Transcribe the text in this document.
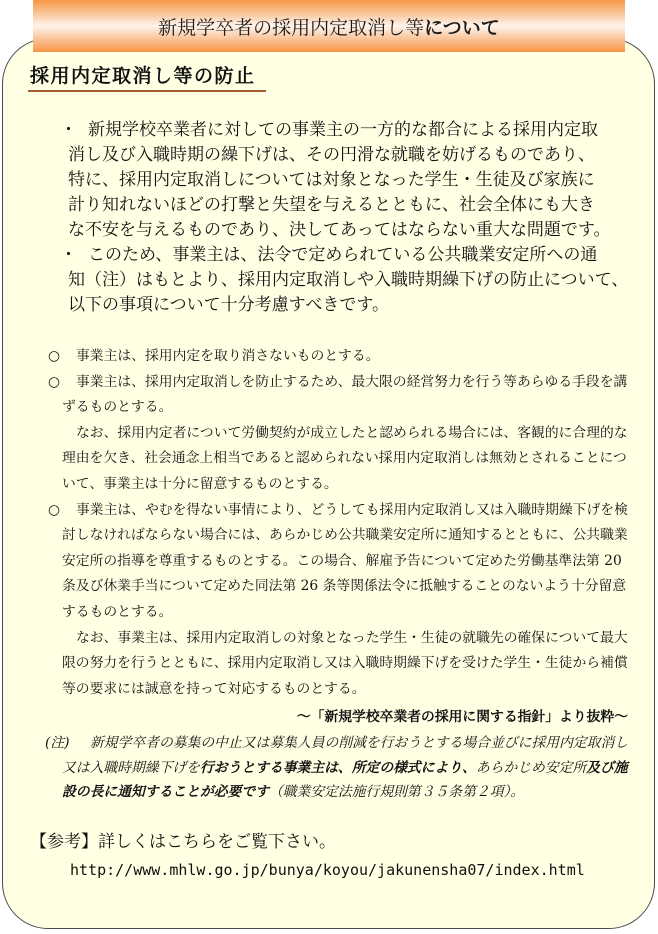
新規学卒者の採用内定取消し等 について
採用内定取消し等の防止
・ 新規学校卒業者に対しての事業主の一方的な都合による採用内定取
消し及び入職時期の繰下げは、その円滑な就職を妨げるものであり、
特に、採用内定取消しについては対象となった学生・生徒及び家族に
計り知れないほどの打撃と失望を与えるとともに、社会全体にも大き
な不安を与えるものであり、決してあってはならない重大な問題です。
・ このため、事業主は、法令で定められている公共職業安定所への通
知（注）はもとより、採用内定取消しや入職時期繰下げの防止について、
以下の事項について十分考慮すべきです。
○ 事業主は、採用内定を取り消さないものとする。
○ 事業主は、採用内定取消しを防止するため、最大限の経営努力を行う等あらゆる手段を講
ずるものとする。
なお、採用内定者について労働契約が成立したと認められる場合には、客観的に合理的な
理由を欠き、社会通念上相当であると認められない採用内定取消しは無効とされることにつ
いて、事業主は十分に留意するものとする。
○ 事業主は、やむを得ない事情により、どうしても採用内定取消し又は入職時期繰下げを検
討しなければならない場合には、あらかじめ公共職業安定所に通知するとともに、公共職業
安定所の指導を尊重するものとする。この場合、解雇予告について定めた労働基準法第 20
条及び休業手当について定めた同法第 26 条等関係法令に抵触することのないよう十分留意
するものとする。
なお、事業主は、採用内定取消しの対象となった学生・生徒の就職先の確保について最大
限の努力を行うとともに、採用内定取消し又は入職時期繰下げを受けた学生・生徒から補償
等の要求には誠意を持って対応するものとする。
～「新規学校卒業者の採用に関する指針」より抜粋～
(注) 新規学卒者の募集の中止又は募集人員の削減を行おうとする場合並びに採用内定取消し
又は入職時期繰下げを行おうとする事業主は、所定の様式により、あらかじめ安定所及び施
設の長に通知することが必要です（職業安定法施行規則第３５条第２項）。
【参考】詳しくはこちらをご覧下さい。
http://www.mhlw.go.jp/bunya/koyou/jakunensha07/index.html
